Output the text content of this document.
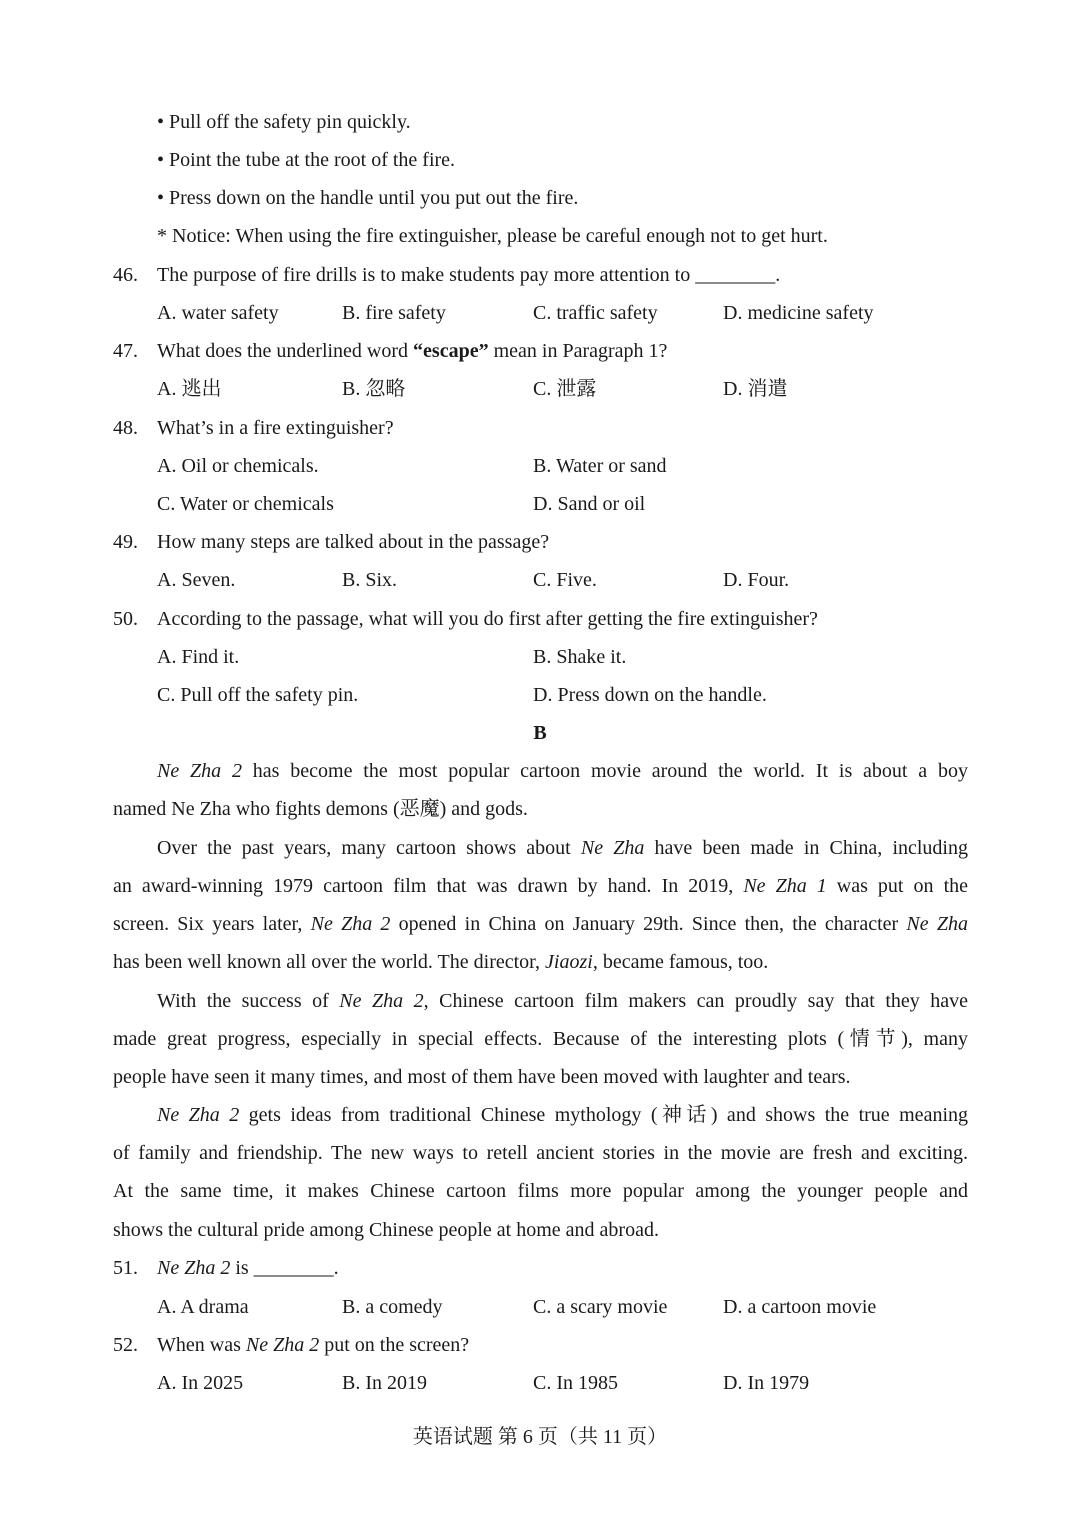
• Pull off the safety pin quickly.
• Point the tube at the root of the fire.
• Press down on the handle until you put out the fire.
* Notice: When using the fire extinguisher, please be careful enough not to get hurt.
46. The purpose of fire drills is to make students pay more attention to ________.
A. water safety	B. fire safety	C. traffic safety	D. medicine safety
47. What does the underlined word “escape” mean in Paragraph 1?
A. 逃出	B. 忽略	C. 泄露	D. 消遣
48. What’s in a fire extinguisher?
A. Oil or chemicals.	B. Water or sand
C. Water or chemicals	D. Sand or oil
49. How many steps are talked about in the passage?
A. Seven.	B. Six.	C. Five.	D. Four.
50. According to the passage, what will you do first after getting the fire extinguisher?
A. Find it.	B. Shake it.
C. Pull off the safety pin.	D. Press down on the handle.
B
Ne Zha 2 has become the most popular cartoon movie around the world. It is about a boy
named Ne Zha who fights demons (恶魔) and gods.
Over the past years, many cartoon shows about Ne Zha have been made in China, including
an award-winning 1979 cartoon film that was drawn by hand. In 2019, Ne Zha 1 was put on the
screen. Six years later, Ne Zha 2 opened in China on January 29th. Since then, the character Ne Zha
has been well known all over the world. The director, Jiaozi, became famous, too.
With the success of Ne Zha 2, Chinese cartoon film makers can proudly say that they have
made great progress, especially in special effects. Because of the interesting plots (情节), many
people have seen it many times, and most of them have been moved with laughter and tears.
Ne Zha 2 gets ideas from traditional Chinese mythology (神话) and shows the true meaning
of family and friendship. The new ways to retell ancient stories in the movie are fresh and exciting.
At the same time, it makes Chinese cartoon films more popular among the younger people and
shows the cultural pride among Chinese people at home and abroad.
51. Ne Zha 2 is ________.
A. A drama	B. a comedy	C. a scary movie	D. a cartoon movie
52. When was Ne Zha 2 put on the screen?
A. In 2025	B. In 2019	C. In 1985	D. In 1979
英语试题 第 6 页（共 11 页）
